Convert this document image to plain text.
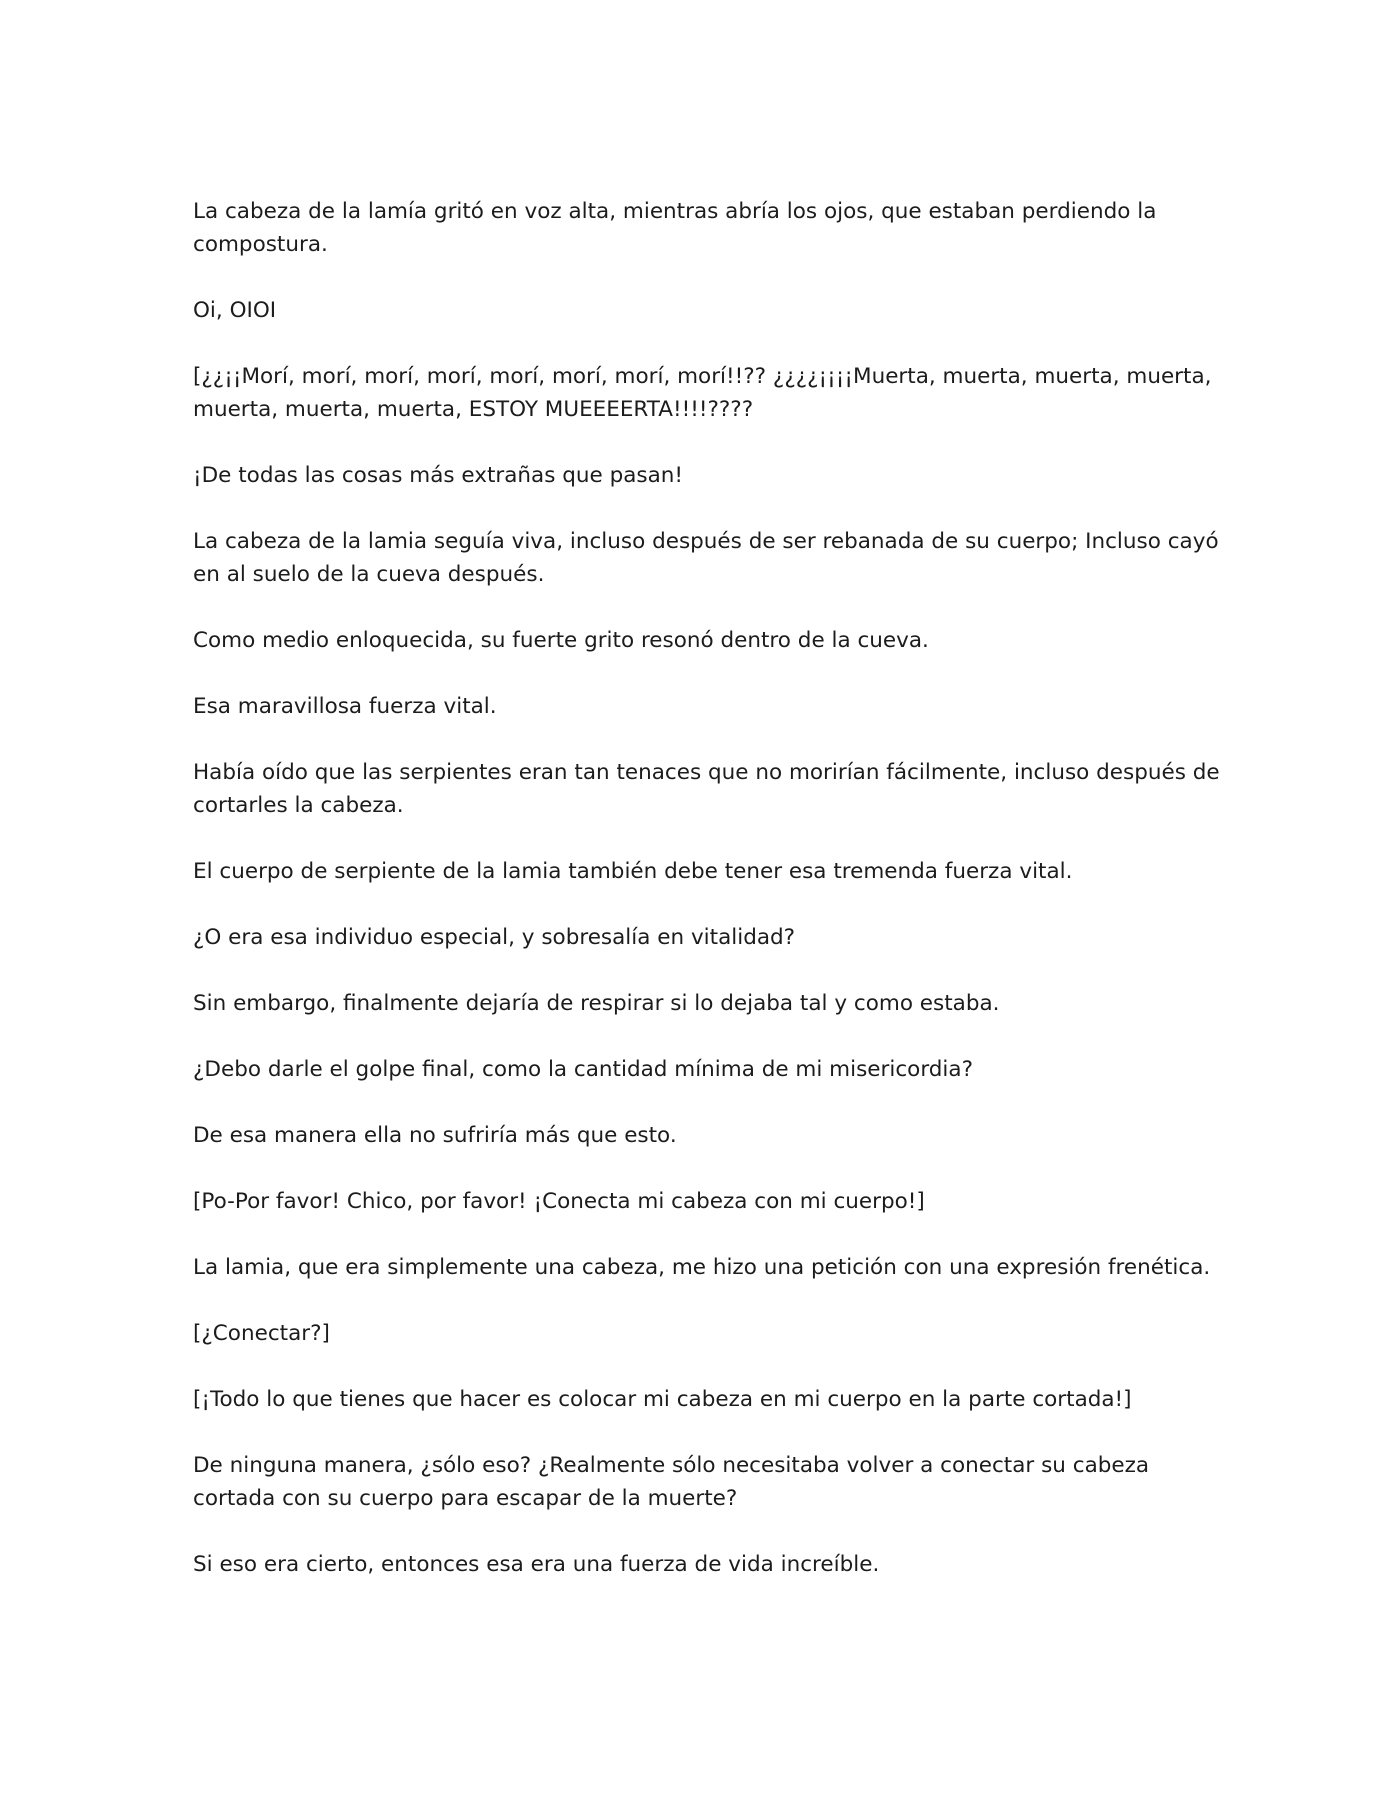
La cabeza de la lamía gritó en voz alta, mientras abría los ojos, que estaban perdiendo la compostura.

Oi, OIOI

[¿¿¡¡Morí, morí, morí, morí, morí, morí, morí, morí!!?? ¿¿¿¿¡¡¡¡Muerta, muerta, muerta, muerta, muerta, muerta, muerta, ESTOY MUEEEERTA!!!!????

¡De todas las cosas más extrañas que pasan!

La cabeza de la lamia seguía viva, incluso después de ser rebanada de su cuerpo; Incluso cayó en al suelo de la cueva después.

Como medio enloquecida, su fuerte grito resonó dentro de la cueva.

Esa maravillosa fuerza vital.

Había oído que las serpientes eran tan tenaces que no morirían fácilmente, incluso después de cortarles la cabeza.

El cuerpo de serpiente de la lamia también debe tener esa tremenda fuerza vital.

¿O era esa individuo especial, y sobresalía en vitalidad?

Sin embargo, finalmente dejaría de respirar si lo dejaba tal y como estaba.

¿Debo darle el golpe final, como la cantidad mínima de mi misericordia?

De esa manera ella no sufriría más que esto.

[Po-Por favor! Chico, por favor! ¡Conecta mi cabeza con mi cuerpo!]

La lamia, que era simplemente una cabeza, me hizo una petición con una expresión frenética.

[¿Conectar?]

[¡Todo lo que tienes que hacer es colocar mi cabeza en mi cuerpo en la parte cortada!]

De ninguna manera, ¿sólo eso? ¿Realmente sólo necesitaba volver a conectar su cabeza cortada con su cuerpo para escapar de la muerte?

Si eso era cierto, entonces esa era una fuerza de vida increíble.
